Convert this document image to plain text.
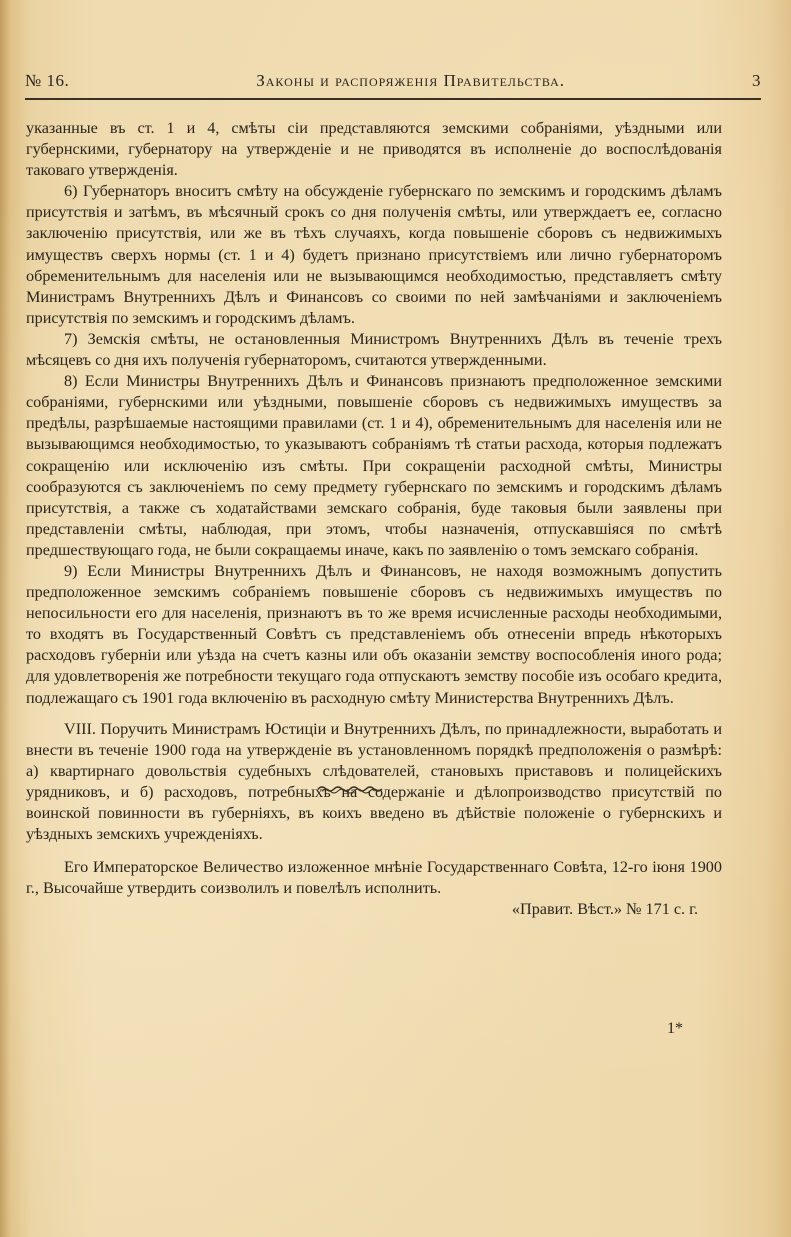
№ 16.	Законы и распоряженія Правительства.	3

указанные въ ст. 1 и 4, смѣты сіи представляются земскими собраніями, уѣздными или губернскими, губернатору на утвержденіе и не приводятся въ исполненіе до воспослѣдованія таковаго утвержденія.

6) Губернаторъ вноситъ смѣту на обсужденіе губернскаго по земскимъ и городскимъ дѣламъ присутствія и затѣмъ, въ мѣсячный срокъ со дня полученія смѣты, или утверждаетъ ее, согласно заключенію присутствія, или же въ тѣхъ случаяхъ, когда повышеніе сборовъ съ недвижимыхъ имуществъ сверхъ нормы (ст. 1 и 4) будетъ признано присутствіемъ или лично губернаторомъ обременительнымъ для населенія или не вызывающимся необходимостью, представляетъ смѣту Министрамъ Внутреннихъ Дѣлъ и Финансовъ со своими по ней замѣчаніями и заключеніемъ присутствія по земскимъ и городскимъ дѣламъ.

7) Земскія смѣты, не остановленныя Министромъ Внутреннихъ Дѣлъ въ теченіе трехъ мѣсяцевъ со дня ихъ полученія губернаторомъ, считаются утвержденными.

8) Если Министры Внутреннихъ Дѣлъ и Финансовъ признаютъ предположенное земскими собраніями, губернскими или уѣздными, повышеніе сборовъ съ недвижимыхъ имуществъ за предѣлы, разрѣшаемые настоящими правилами (ст. 1 и 4), обременительнымъ для населенія или не вызывающимся необходимостью, то указываютъ собраніямъ тѣ статьи расхода, которыя подлежатъ сокращенію или исключенію изъ смѣты. При сокращеніи расходной смѣты, Министры сообразуются съ заключеніемъ по сему предмету губернскаго по земскимъ и городскимъ дѣламъ присутствія, а также съ ходатайствами земскаго собранія, буде таковыя были заявлены при представленіи смѣты, наблюдая, при этомъ, чтобы назначенія, отпускавшіяся по смѣтѣ предшествующаго года, не были сокращаемы иначе, какъ по заявленію о томъ земскаго собранія.

9) Если Министры Внутреннихъ Дѣлъ и Финансовъ, не находя возможнымъ допустить предположенное земскимъ собраніемъ повышеніе сборовъ съ недвижимыхъ имуществъ по непосильности его для населенія, признаютъ въ то же время исчисленные расходы необходимыми, то входятъ въ Государственный Совѣтъ съ представленіемъ объ отнесеніи впредь нѣкоторыхъ расходовъ губерніи или уѣзда на счетъ казны или объ оказаніи земству воспособленія иного рода; для удовлетворенія же потребности текущаго года отпускаютъ земству пособіе изъ особаго кредита, подлежащаго съ 1901 года включенію въ расходную смѣту Министерства Внутреннихъ Дѣлъ.

VIII. Поручить Министрамъ Юстиціи и Внутреннихъ Дѣлъ, по принадлежности, выработать и внести въ теченіе 1900 года на утвержденіе въ установленномъ порядкѣ предположенія о размѣрѣ: а) квартирнаго довольствія судебныхъ слѣдователей, становыхъ приставовъ и полицейскихъ урядниковъ, и б) расходовъ, потребныхъ на содержаніе и дѣлопроизводство присутствій по воинской повинности въ губерніяхъ, въ коихъ введено въ дѣйствіе положеніе о губернскихъ и уѣздныхъ земскихъ учрежденіяхъ.

Его Императорское Величество изложенное мнѣніе Государственнаго Совѣта, 12-го іюня 1900 г., Высочайше утвердить соизволилъ и повелѣлъ исполнить.

«Правит. Вѣст.» № 171 с. г.

1*
